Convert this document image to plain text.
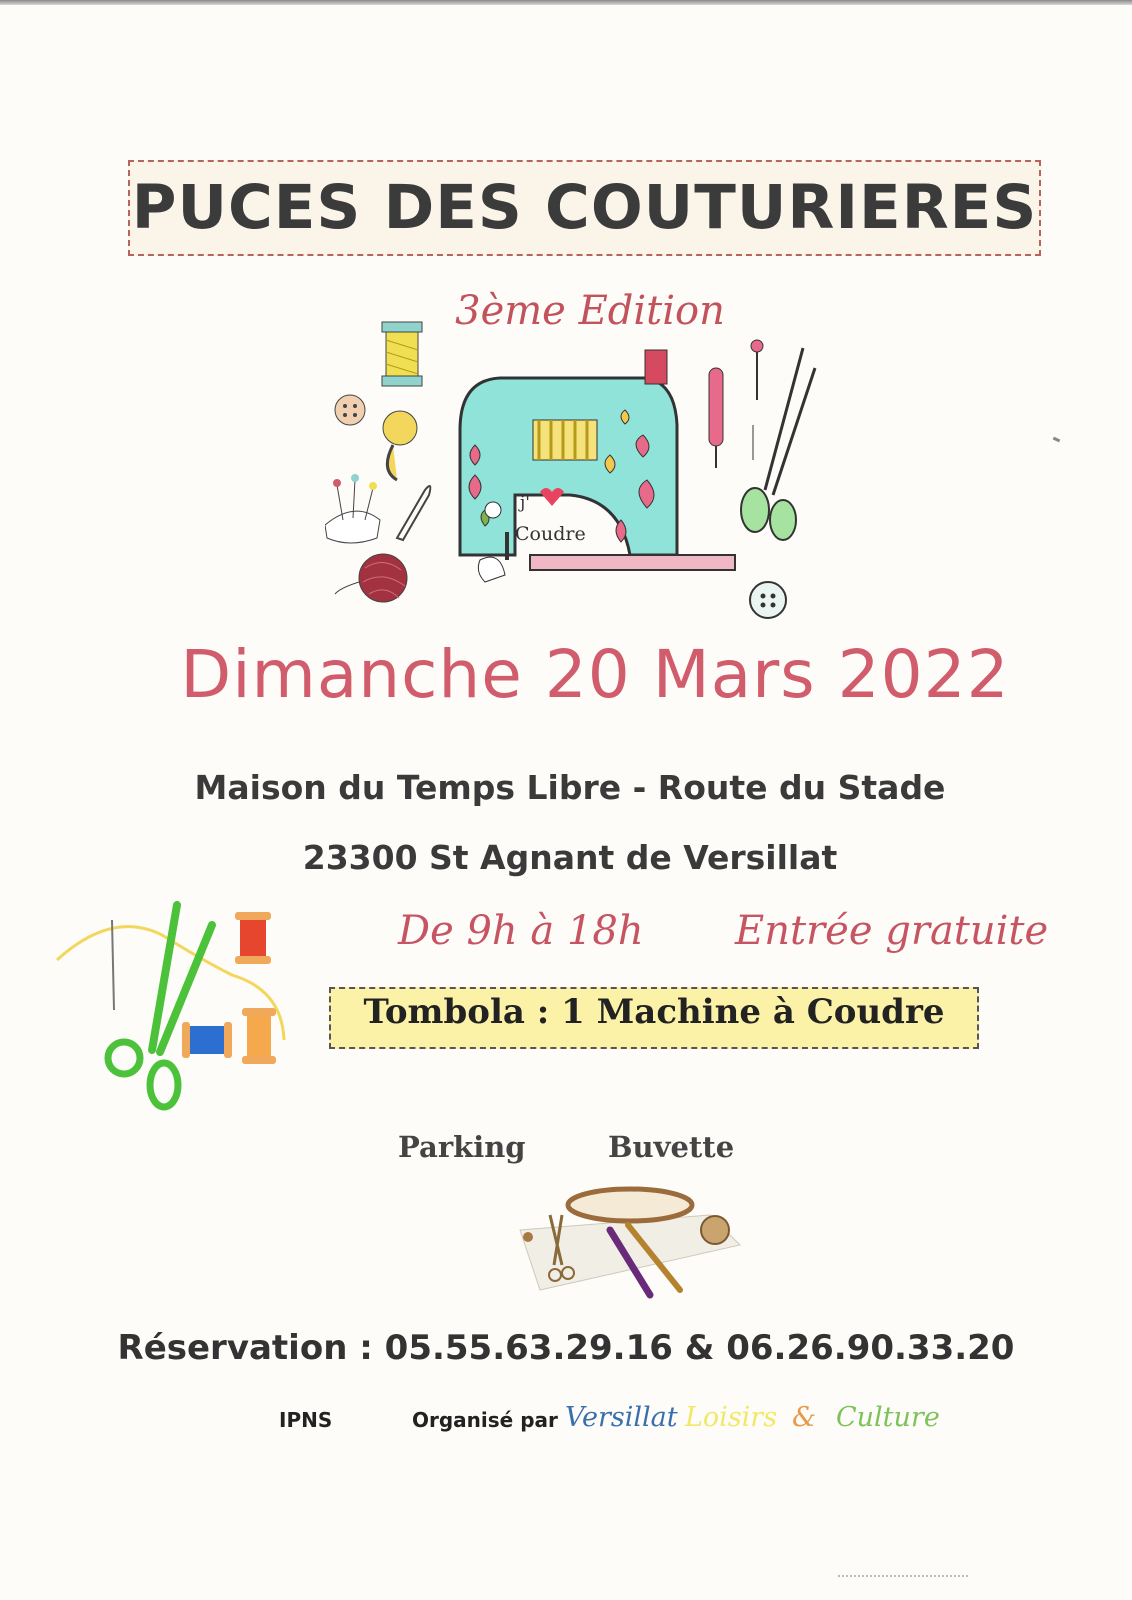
PUCES DES COUTURIERES
3ème Edition
j'
Coudre
Dimanche 20 Mars 2022
Maison du Temps Libre - Route du Stade
23300 St Agnant de Versillat
De 9h à 18h Entrée gratuite
Tombola : 1 Machine à Coudre
Parking	Buvette
Réservation : 05.55.63.29.16 & 06.26.90.33.20
IPNS	Organisé par Versillat Loisirs & Culture
